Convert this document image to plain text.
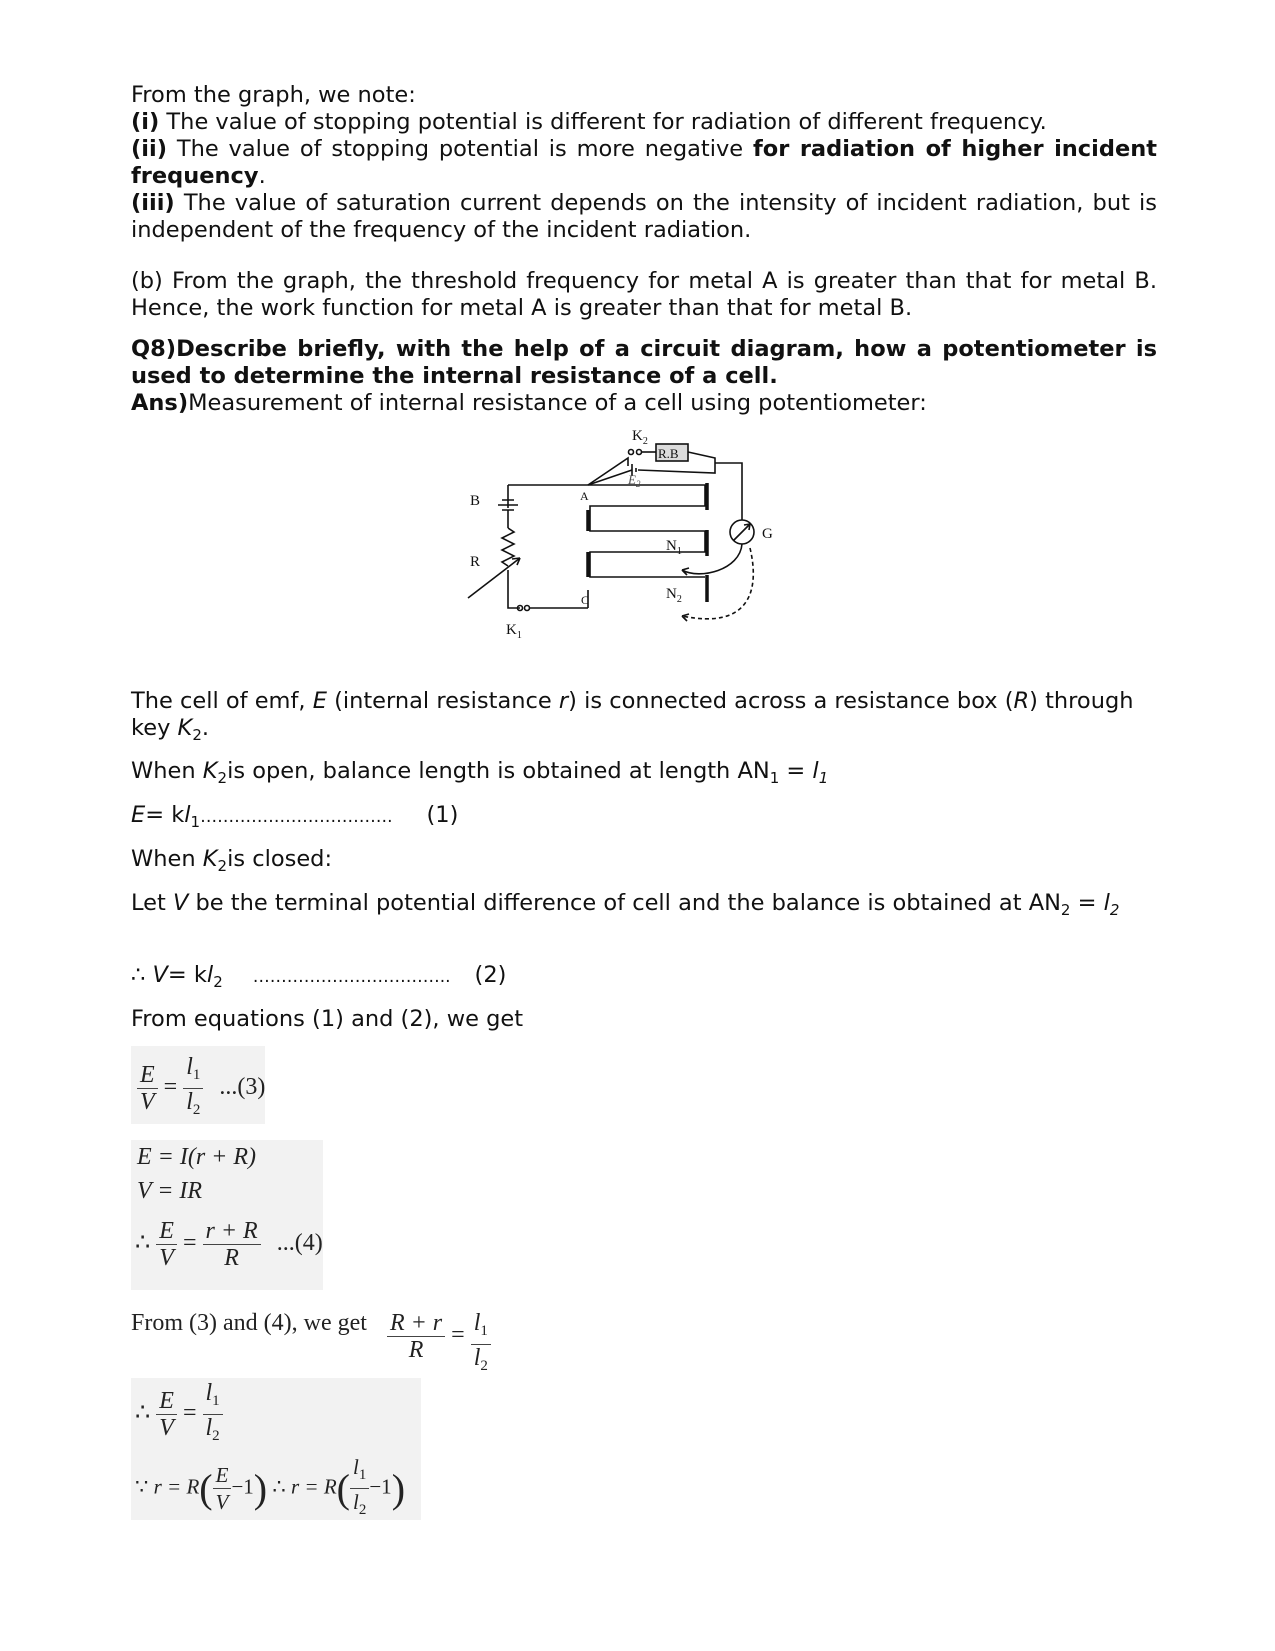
From the graph, we note:
(i) The value of stopping potential is different for radiation of different frequency.
(ii) The value of stopping potential is more negative for radiation of higher incident frequency.
(iii) The value of saturation current depends on the intensity of incident radiation, but is independent of the frequency of the incident radiation.
(b) From the graph, the threshold frequency for metal A is greater than that for metal B. Hence, the work function for metal A is greater than that for metal B.
Q8)Describe briefly, with the help of a circuit diagram, how a potentiometer is used to determine the internal resistance of a cell.
Ans)Measurement of internal resistance of a cell using potentiometer:
$K_2$
R.B
$E_2$
B	A
R
G
$N_1$
$N_2$
C
$K_1$
The cell of emf, E (internal resistance r) is connected across a resistance box (R) through key $K_2$.
When $K_2is$ open, balance length is obtained at length $AN_1 = l_1$
$E= kl_1\dots\dots\dots\dots\dots\dots\dots\dots\dots\dots\dots$. (1)
When $K_2is$ closed:
Let V be the terminal potential difference of cell and the balance is obtained at $AN_2 = l_2$
∴ $V= kl_2$ …………………………….. (2)
From equations (1) and (2), we get
$\frac{E}{V} = \frac{l_1}{l_2} ...(3)$
E = I(r + R)
V = IR
∴ $\frac{E}{V} = \frac{r + R}{R} ...(4)$
From (3) and (4), we get $\frac{R + r}{R} = \frac{l_1}{l_2}$
∴ $\frac{E}{V} = \frac{l_1}{l_2}$
∵ $r = R( \frac{E}{V} -1)$ ∴ $r = R( \frac{l_1}{l_2} -1)$
